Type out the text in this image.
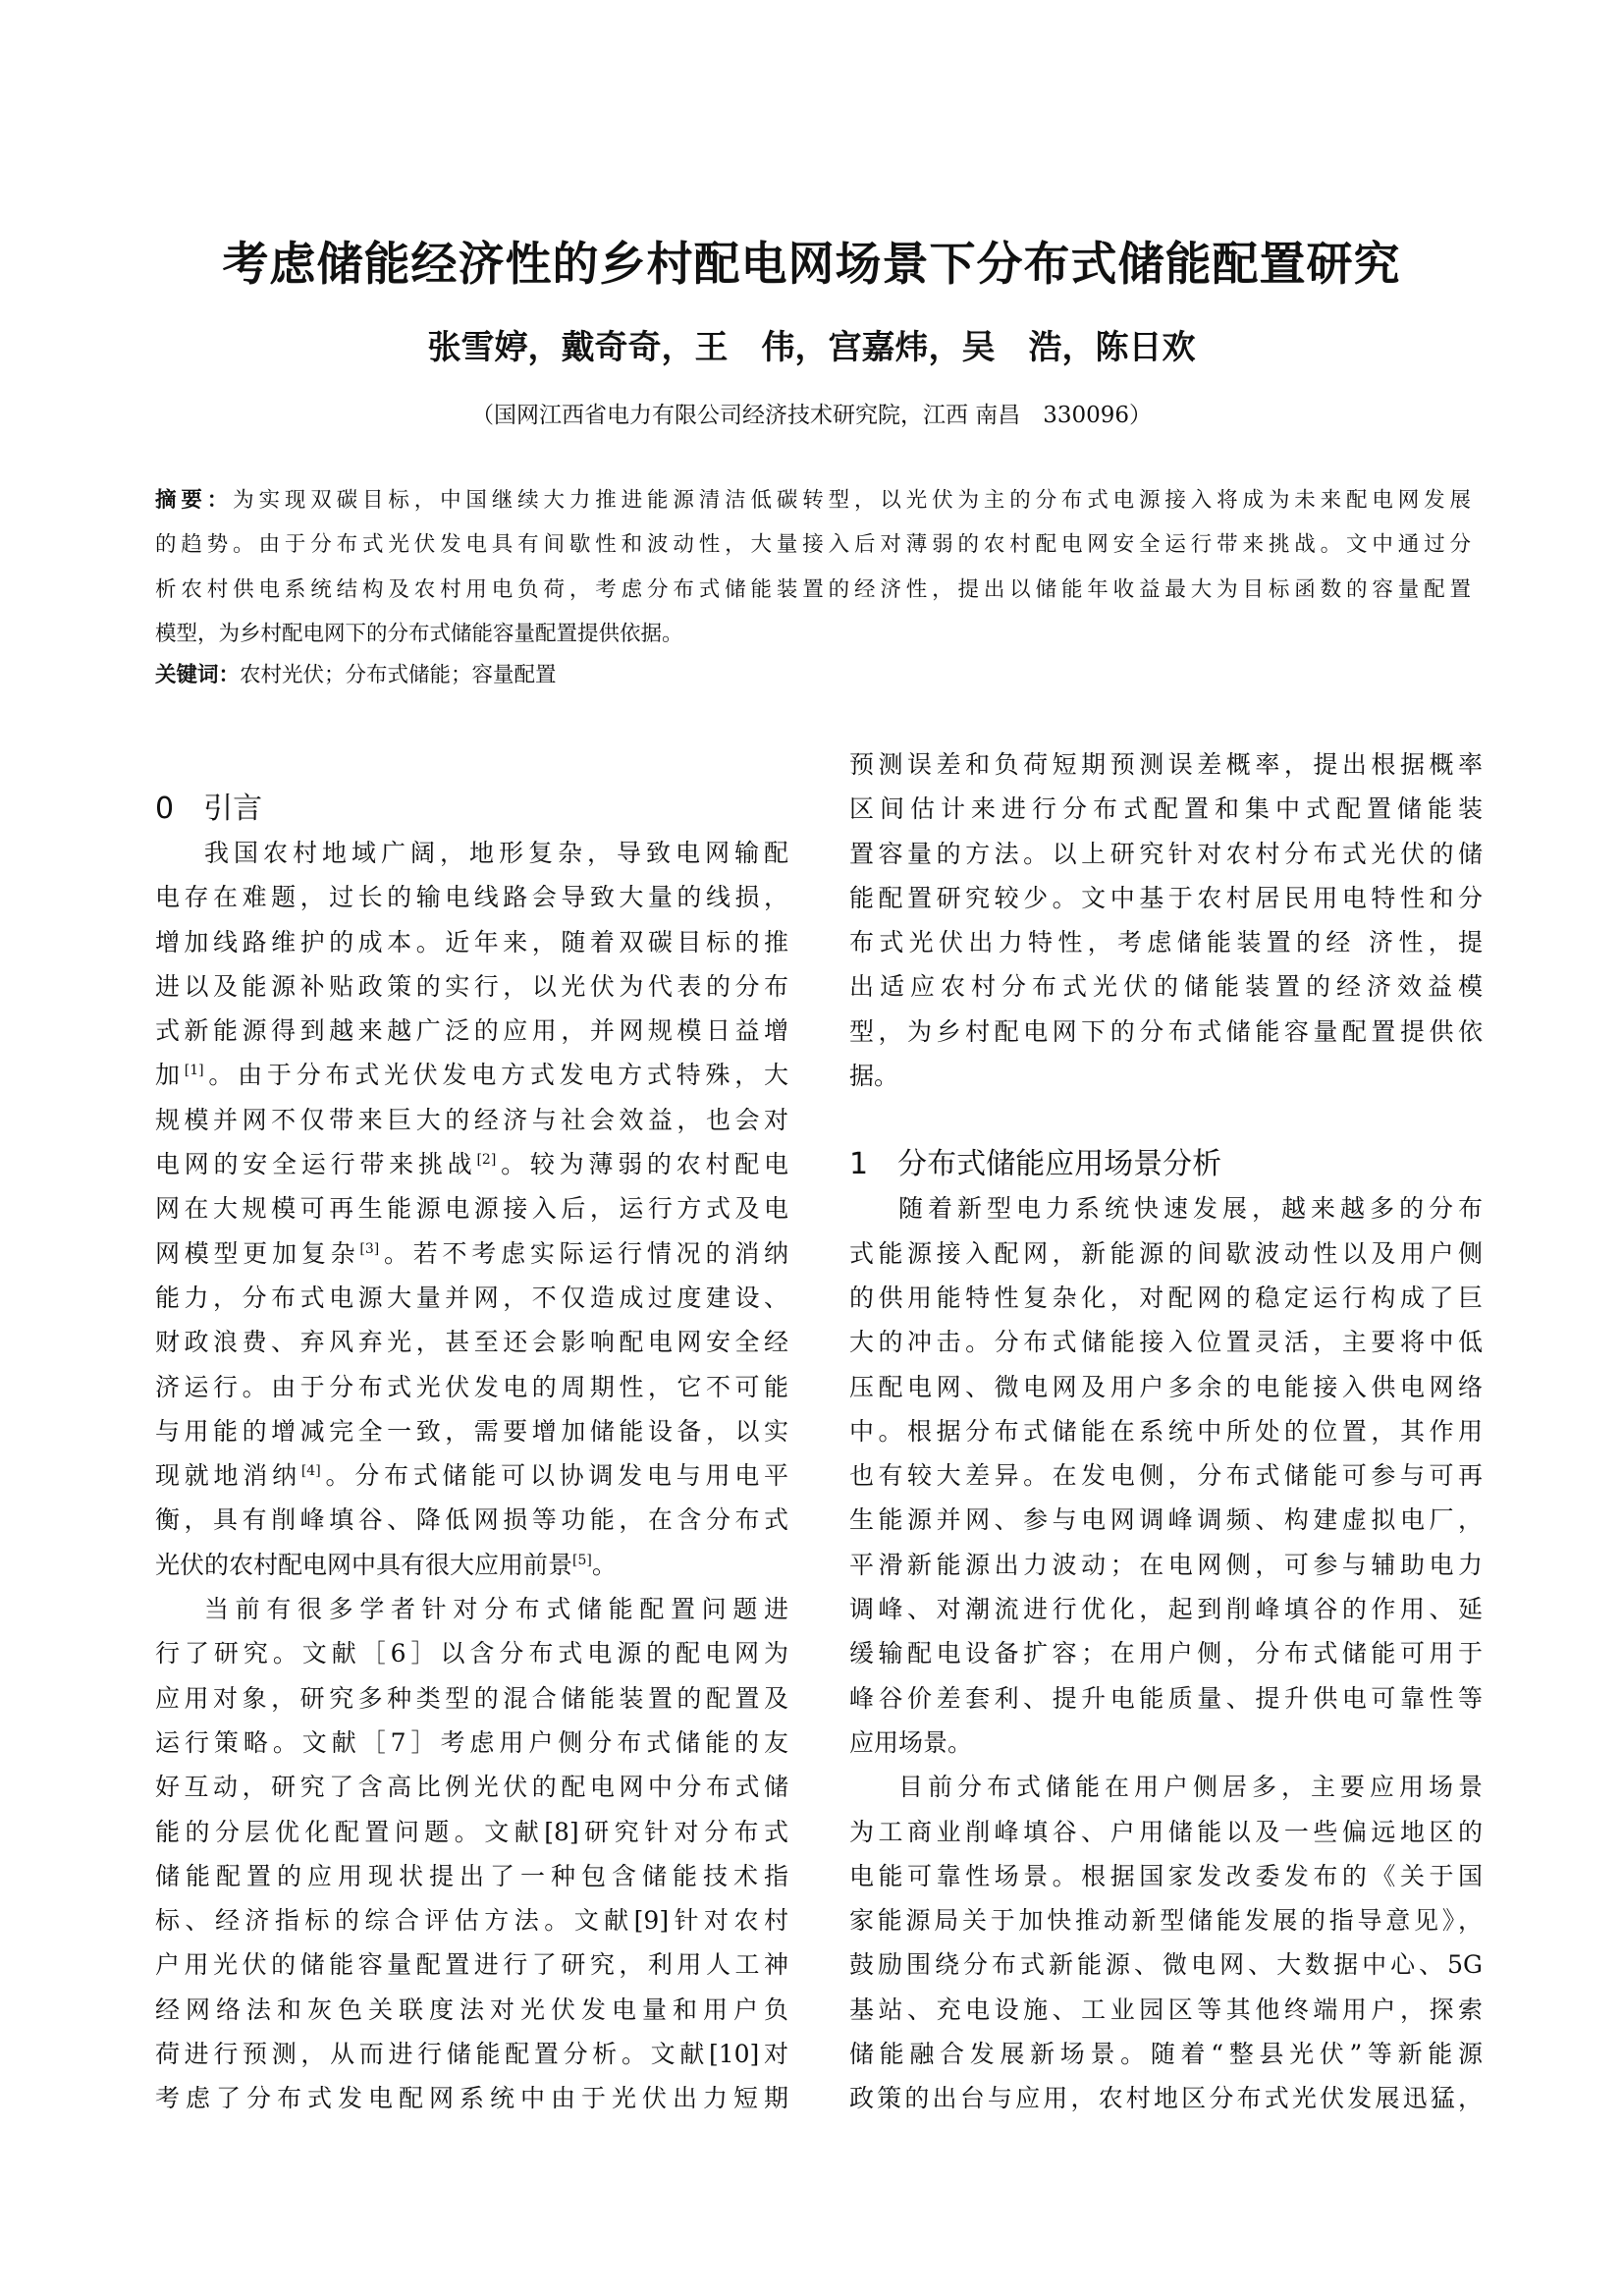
考虑储能经济性的乡村配电网场景下分布式储能配置研究
张雪婷，戴奇奇，王　伟，宫嘉炜，吴　浩，陈日欢
（国网江西省电力有限公司经济技术研究院，江西 南昌　330096）
摘要：为实现双碳目标，中国继续大力推进能源清洁低碳转型，以光伏为主的分布式电源接入将成为未来配电网发展
的趋势。由于分布式光伏发电具有间歇性和波动性，大量接入后对薄弱的农村配电网安全运行带来挑战。文中通过分
析农村供电系统结构及农村用电负荷，考虑分布式储能装置的经济性，提出以储能年收益最大为目标函数的容量配置
模型，为乡村配电网下的分布式储能容量配置提供依据。
关键词：农村光伏；分布式储能；容量配置
0　引言
我国农村地域广阔，地形复杂，导致电网输配
电存在难题，过长的输电线路会导致大量的线损，
增加线路维护的成本。近年来，随着双碳目标的推
进以及能源补贴政策的实行，以光伏为代表的分布
式新能源得到越来越广泛的应用，并网规模日益增
加[1]。由于分布式光伏发电方式发电方式特殊，大
规模并网不仅带来巨大的经济与社会效益，也会对
电网的安全运行带来挑战[2]。较为薄弱的农村配电
网在大规模可再生能源电源接入后，运行方式及电
网模型更加复杂[3]。若不考虑实际运行情况的消纳
能力，分布式电源大量并网，不仅造成过度建设、
财政浪费、弃风弃光，甚至还会影响配电网安全经
济运行。由于分布式光伏发电的周期性，它不可能
与用能的增减完全一致，需要增加储能设备，以实
现就地消纳[4]。分布式储能可以协调发电与用电平
衡，具有削峰填谷、降低网损等功能，在含分布式
光伏的农村配电网中具有很大应用前景[5]。
当前有很多学者针对分布式储能配置问题进
行了研究。文献［6］以含分布式电源的配电网为
应用对象，研究多种类型的混合储能装置的配置及
运行策略。文献［7］考虑用户侧分布式储能的友
好互动，研究了含高比例光伏的配电网中分布式储
能的分层优化配置问题。文献[8]研究针对分布式
储能配置的应用现状提出了一种包含储能技术指
标、经济指标的综合评估方法。文献[9]针对农村
户用光伏的储能容量配置进行了研究，利用人工神
经网络法和灰色关联度法对光伏发电量和用户负
荷进行预测，从而进行储能配置分析。文献[10]对
考虑了分布式发电配网系统中由于光伏出力短期
预测误差和负荷短期预测误差概率，提出根据概率
区间估计来进行分布式配置和集中式配置储能装
置容量的方法。以上研究针对农村分布式光伏的储
能配置研究较少。文中基于农村居民用电特性和分
布式光伏出力特性，考虑储能装置的经 济性，提
出适应农村分布式光伏的储能装置的经济效益模
型，为乡村配电网下的分布式储能容量配置提供依
据。
1　分布式储能应用场景分析
随着新型电力系统快速发展，越来越多的分布
式能源接入配网，新能源的间歇波动性以及用户侧
的供用能特性复杂化，对配网的稳定运行构成了巨
大的冲击。分布式储能接入位置灵活，主要将中低
压配电网、微电网及用户多余的电能接入供电网络
中。根据分布式储能在系统中所处的位置，其作用
也有较大差异。在发电侧，分布式储能可参与可再
生能源并网、参与电网调峰调频、构建虚拟电厂，
平滑新能源出力波动；在电网侧，可参与辅助电力
调峰、对潮流进行优化，起到削峰填谷的作用、延
缓输配电设备扩容；在用户侧，分布式储能可用于
峰谷价差套利、提升电能质量、提升供电可靠性等
应用场景。
目前分布式储能在用户侧居多，主要应用场景
为工商业削峰填谷、户用储能以及一些偏远地区的
电能可靠性场景。根据国家发改委发布的《关于国
家能源局关于加快推动新型储能发展的指导意见》，
鼓励围绕分布式新能源、微电网、大数据中心、5G
基站、充电设施、工业园区等其他终端用户，探索
储能融合发展新场景。随着“整县光伏”等新能源
政策的出台与应用，农村地区分布式光伏发展迅猛，
